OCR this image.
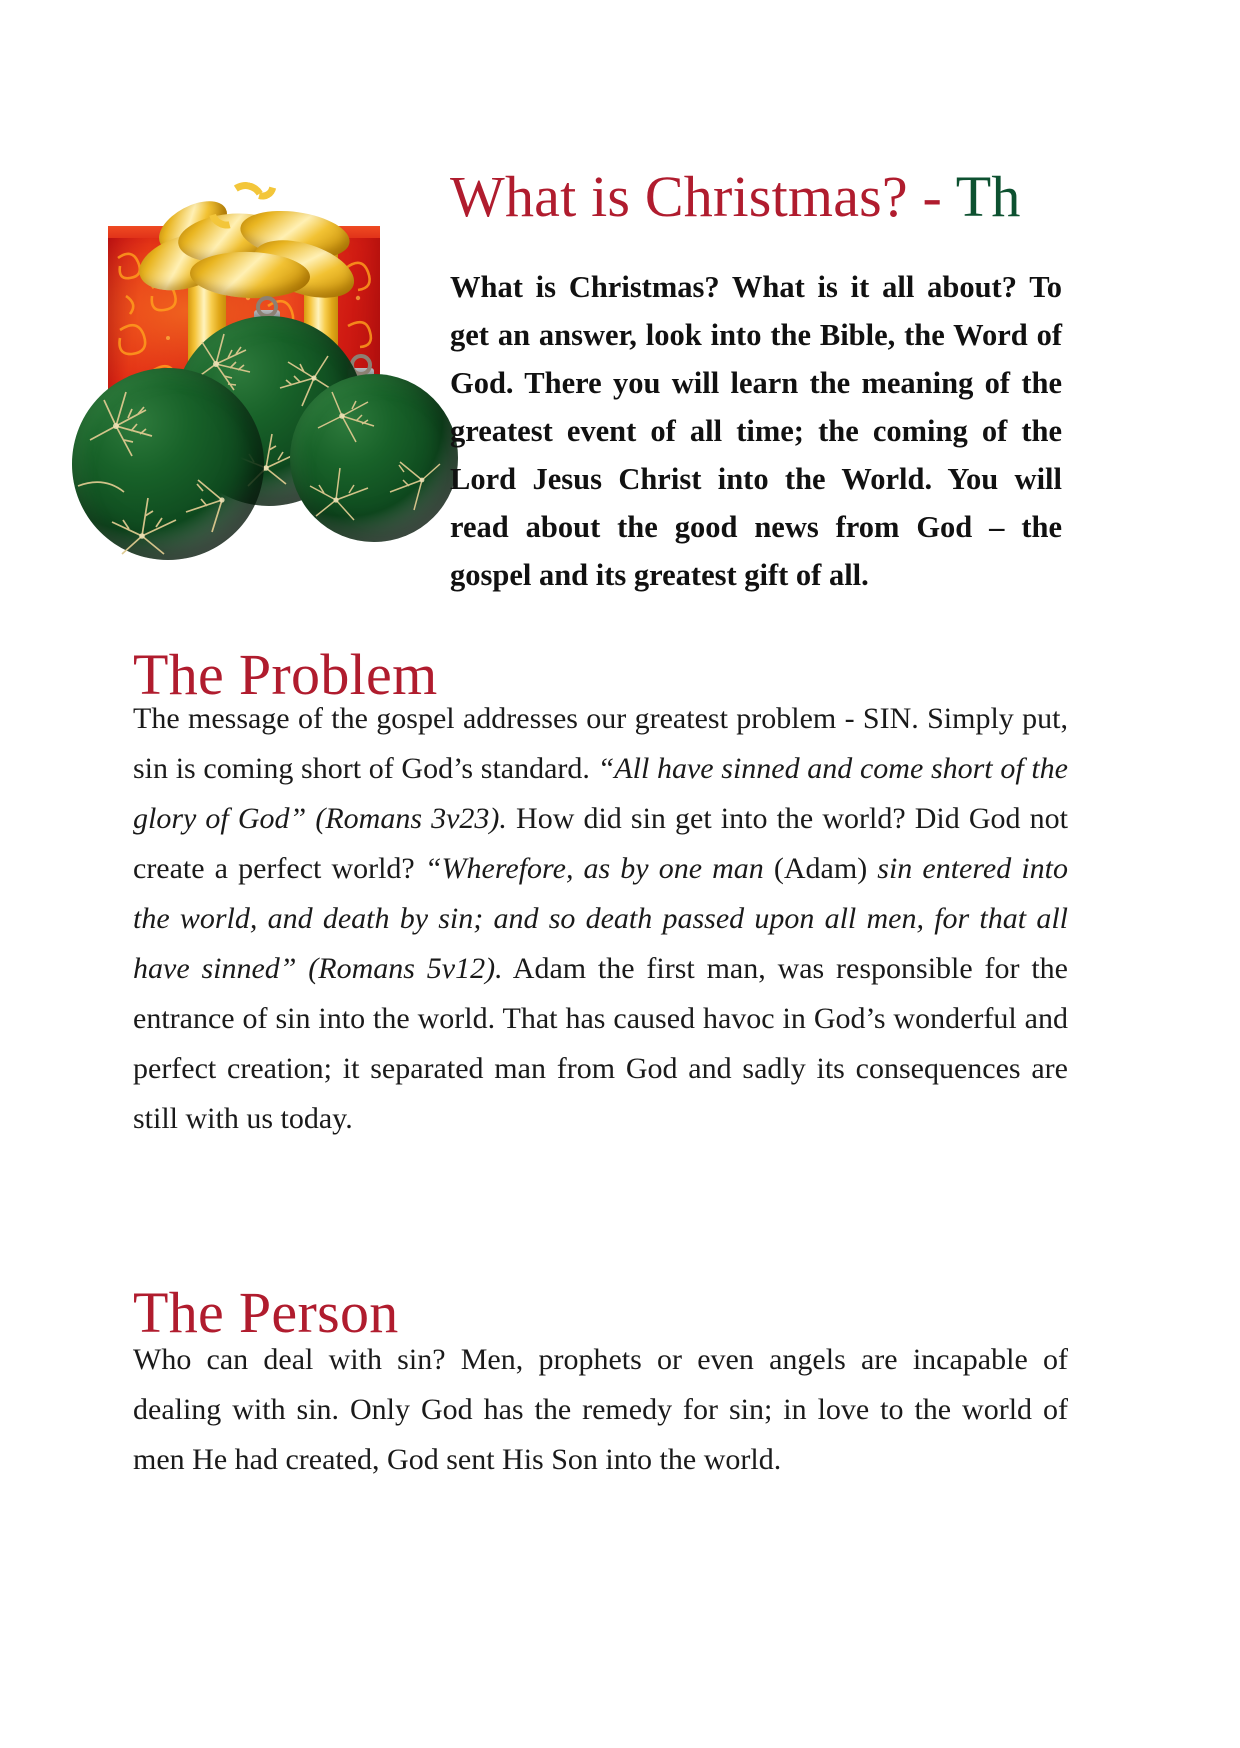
What is Christmas? - Th

What is Christmas? What is it all about? To get an answer, look into the Bible, the Word of God. There you will learn the meaning of the greatest event of all time; the coming of the Lord Jesus Christ into the World. You will read about the good news from God – the gospel and its greatest gift of all.

The Problem

The message of the gospel addresses our greatest problem - SIN. Simply put, sin is coming short of God’s standard. “All have sinned and come short of the glory of God” (Romans 3v23). How did sin get into the world? Did God not create a perfect world? “Wherefore, as by one man (Adam) sin entered into the world, and death by sin; and so death passed upon all men, for that all have sinned” (Romans 5v12). Adam the first man, was responsible for the entrance of sin into the world. That has caused havoc in God’s wonderful and perfect creation; it separated man from God and sadly its consequences are still with us today.

The Person

Who can deal with sin? Men, prophets or even angels are incapable of dealing with sin. Only God has the remedy for sin; in love to the world of men He had created, God sent His Son into the world.
